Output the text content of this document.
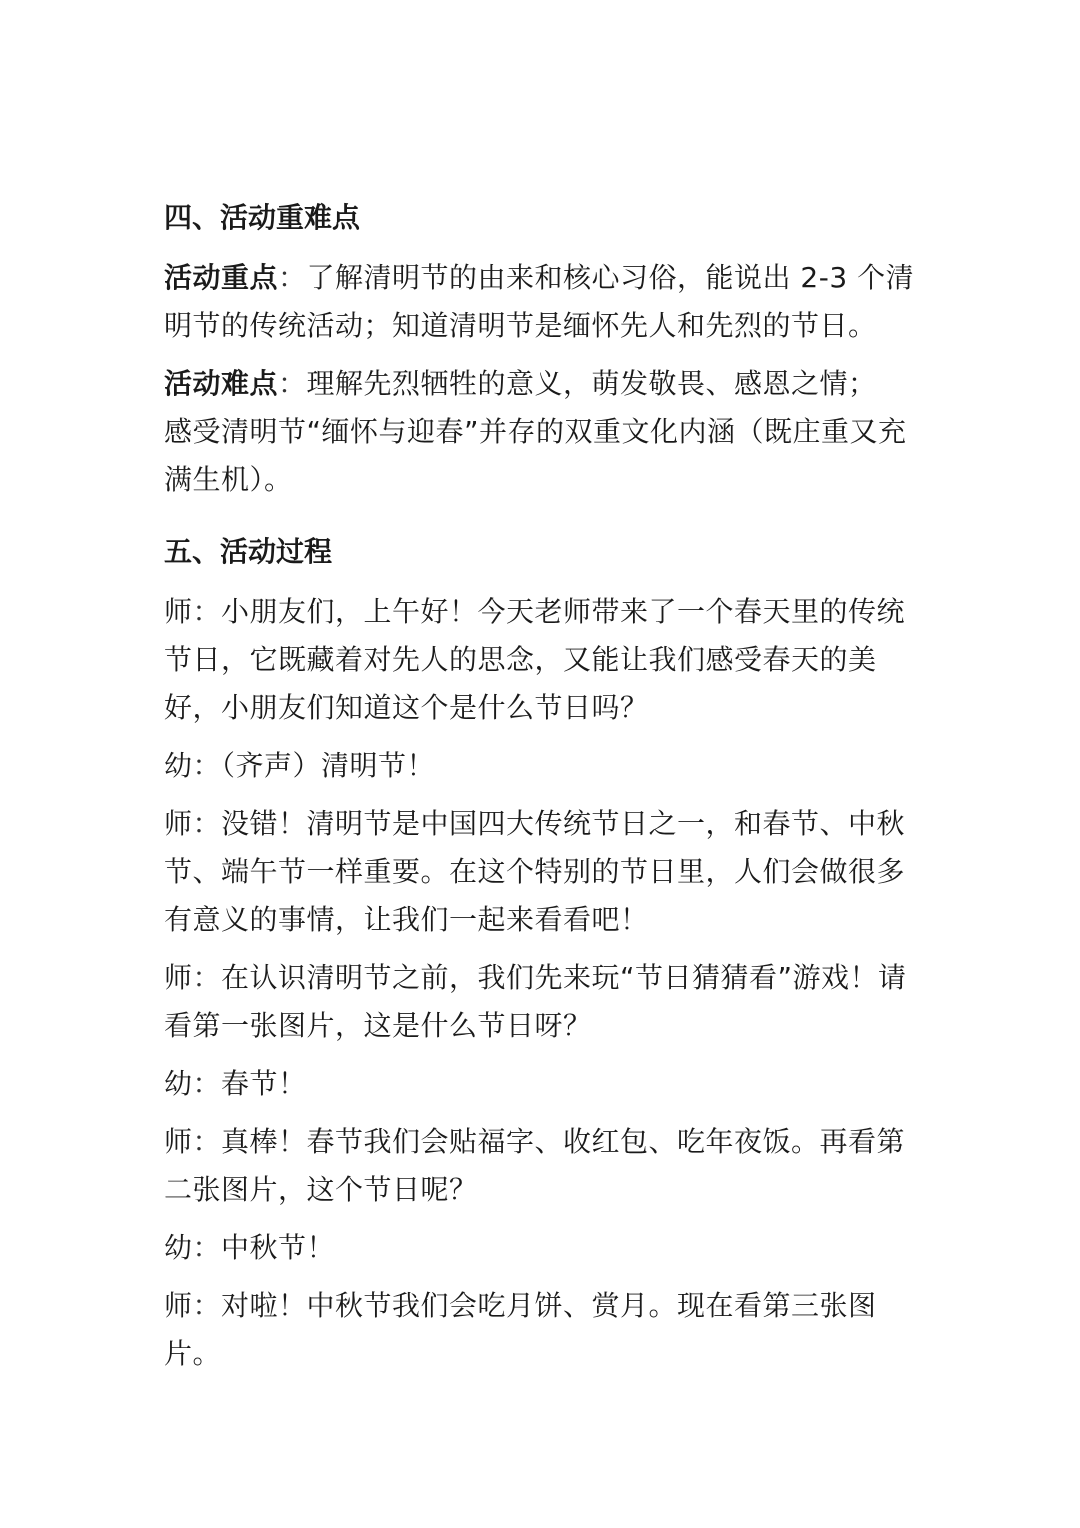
四、活动重难点

活动重点：了解清明节的由来和核心习俗，能说出 2-3 个清明节的传统活动；知道清明节是缅怀先人和先烈的节日。

活动难点：理解先烈牺牲的意义，萌发敬畏、感恩之情；
感受清明节“缅怀与迎春”并存的双重文化内涵（既庄重又充满生机）。

五、活动过程

师：小朋友们，上午好！今天老师带来了一个春天里的传统节日，它既藏着对先人的思念，又能让我们感受春天的美好，小朋友们知道这个是什么节日吗？

幼：（齐声）清明节！

师：没错！清明节是中国四大传统节日之一，和春节、中秋节、端午节一样重要。在这个特别的节日里，人们会做很多有意义的事情，让我们一起来看看吧！

师：在认识清明节之前，我们先来玩“节日猜猜看”游戏！请看第一张图片，这是什么节日呀？

幼：春节！

师：真棒！春节我们会贴福字、收红包、吃年夜饭。再看第二张图片，这个节日呢？

幼：中秋节！

师：对啦！中秋节我们会吃月饼、赏月。现在看第三张图片。
